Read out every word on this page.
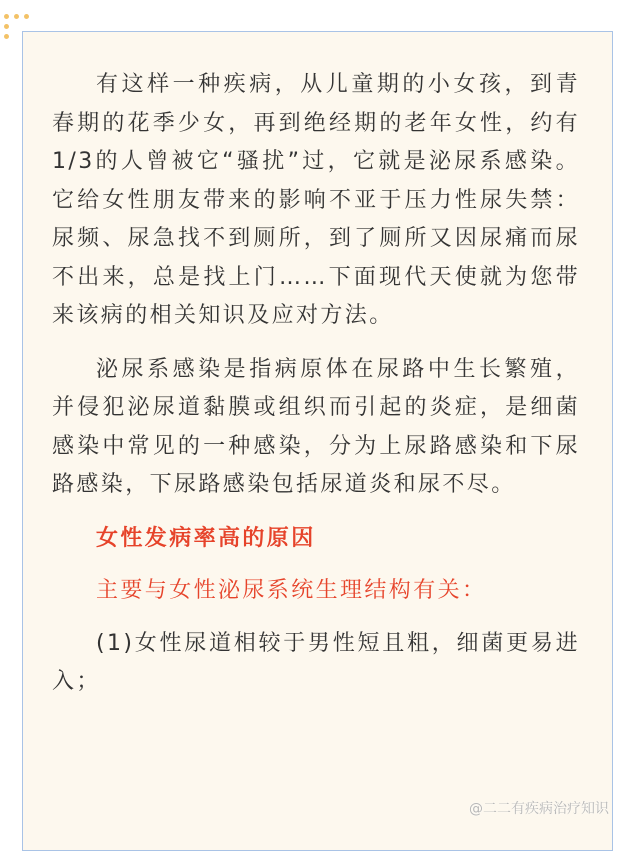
有这样一种疾病，从儿童期的小女孩，到青春期的花季少女，再到绝经期的老年女性，约有1/3的人曾被它“骚扰”过，它就是泌尿系感染。它给女性朋友带来的影响不亚于压力性尿失禁：尿频、尿急找不到厕所，到了厕所又因尿痛而尿不出来，总是找上门……下面现代天使就为您带来该病的相关知识及应对方法。

泌尿系感染是指病原体在尿路中生长繁殖，并侵犯泌尿道黏膜或组织而引起的炎症，是细菌感染中常见的一种感染，分为上尿路感染和下尿路感染，下尿路感染包括尿道炎和尿不尽。

女性发病率高的原因

主要与女性泌尿系统生理结构有关：

(1)女性尿道相较于男性短且粗，细菌更易进入；

@二二有疾病治疗知识
